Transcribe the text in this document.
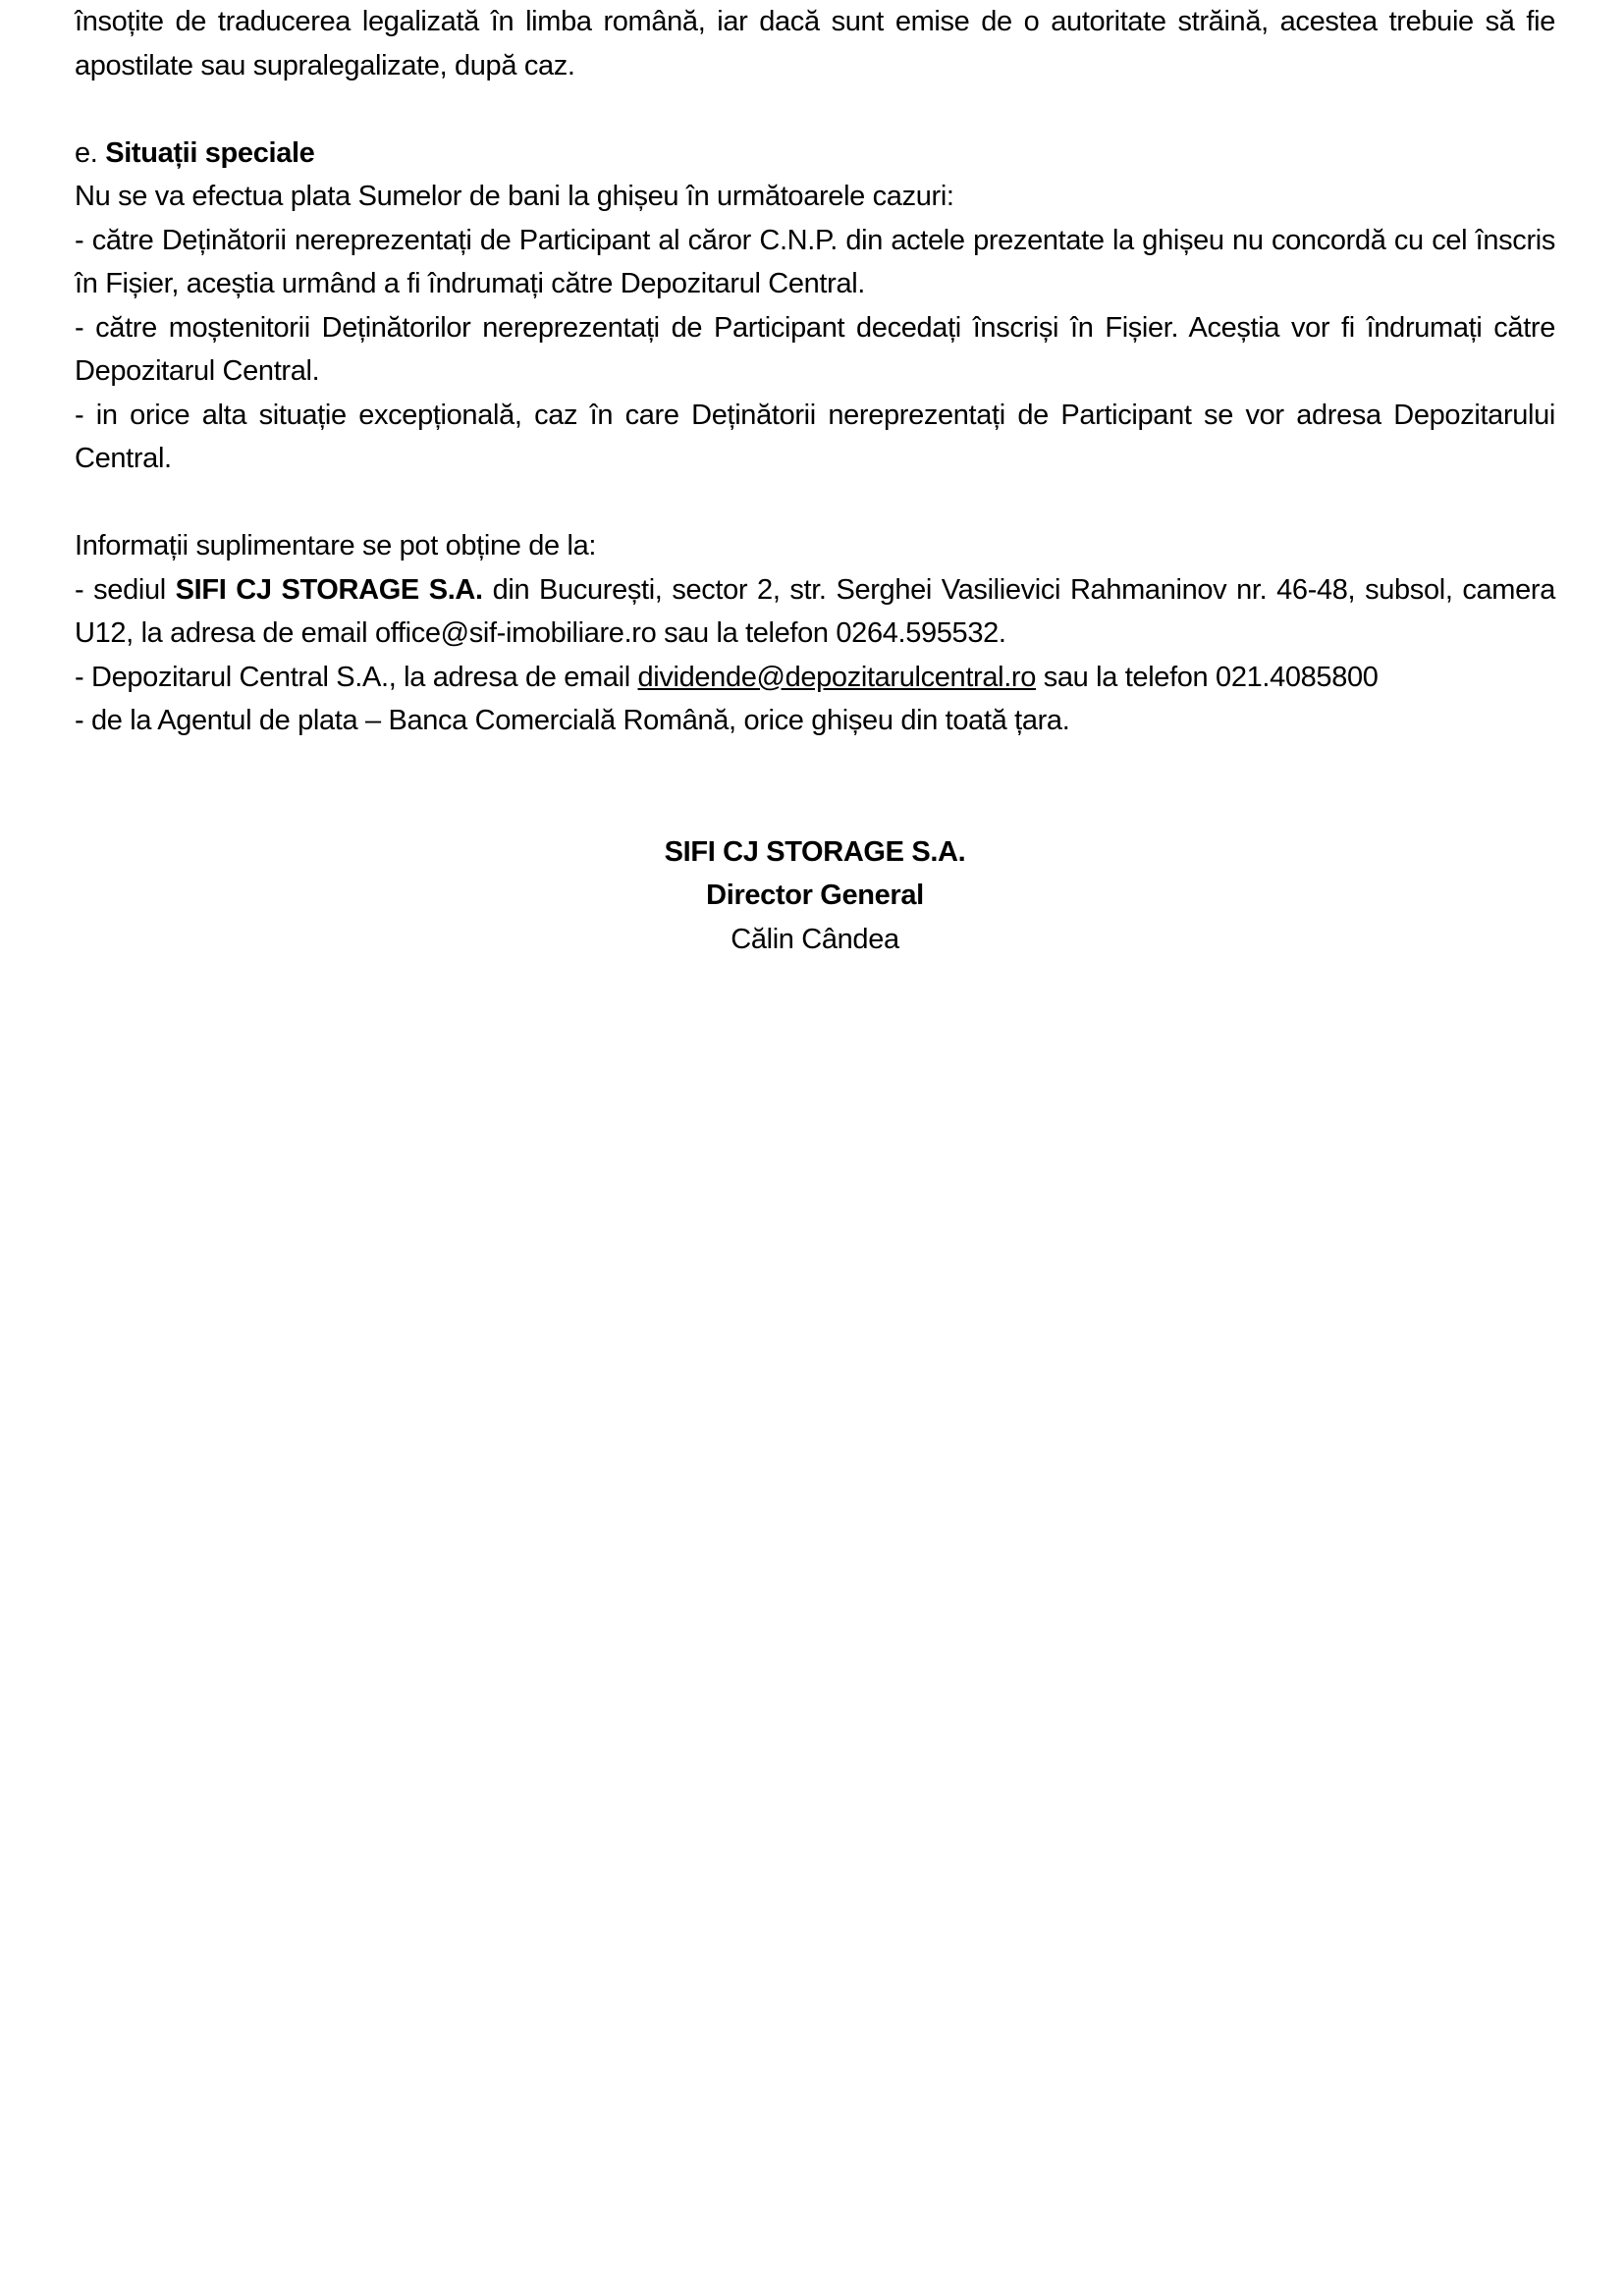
însoțite de traducerea legalizată în limba română, iar dacă sunt emise de o autoritate străină, acestea trebuie să fie apostilate sau supralegalizate, după caz.

e. Situații speciale

Nu se va efectua plata Sumelor de bani la ghișeu în următoarele cazuri:

- către Deținătorii nereprezentați de Participant al căror C.N.P. din actele prezentate la ghișeu nu concordă cu cel înscris în Fișier, aceștia urmând a fi îndrumați către Depozitarul Central.

- către moștenitorii Deținătorilor nereprezentați de Participant decedați înscriși în Fișier. Aceștia vor fi îndrumați către Depozitarul Central.

- in orice alta situație excepțională, caz în care Deținătorii nereprezentați de Participant se vor adresa Depozitarului Central.

Informații suplimentare se pot obține de la:

- sediul SIFI CJ STORAGE S.A. din București, sector 2, str. Serghei Vasilievici Rahmaninov nr. 46-48, subsol, camera U12, la adresa de email office@sif-imobiliare.ro sau la telefon 0264.595532.

- Depozitarul Central S.A., la adresa de email dividende@depozitarulcentral.ro sau la telefon 021.4085800

- de la Agentul de plata – Banca Comercială Română, orice ghișeu din toată țara.

SIFI CJ STORAGE S.A.
Director General
Călin Cândea
